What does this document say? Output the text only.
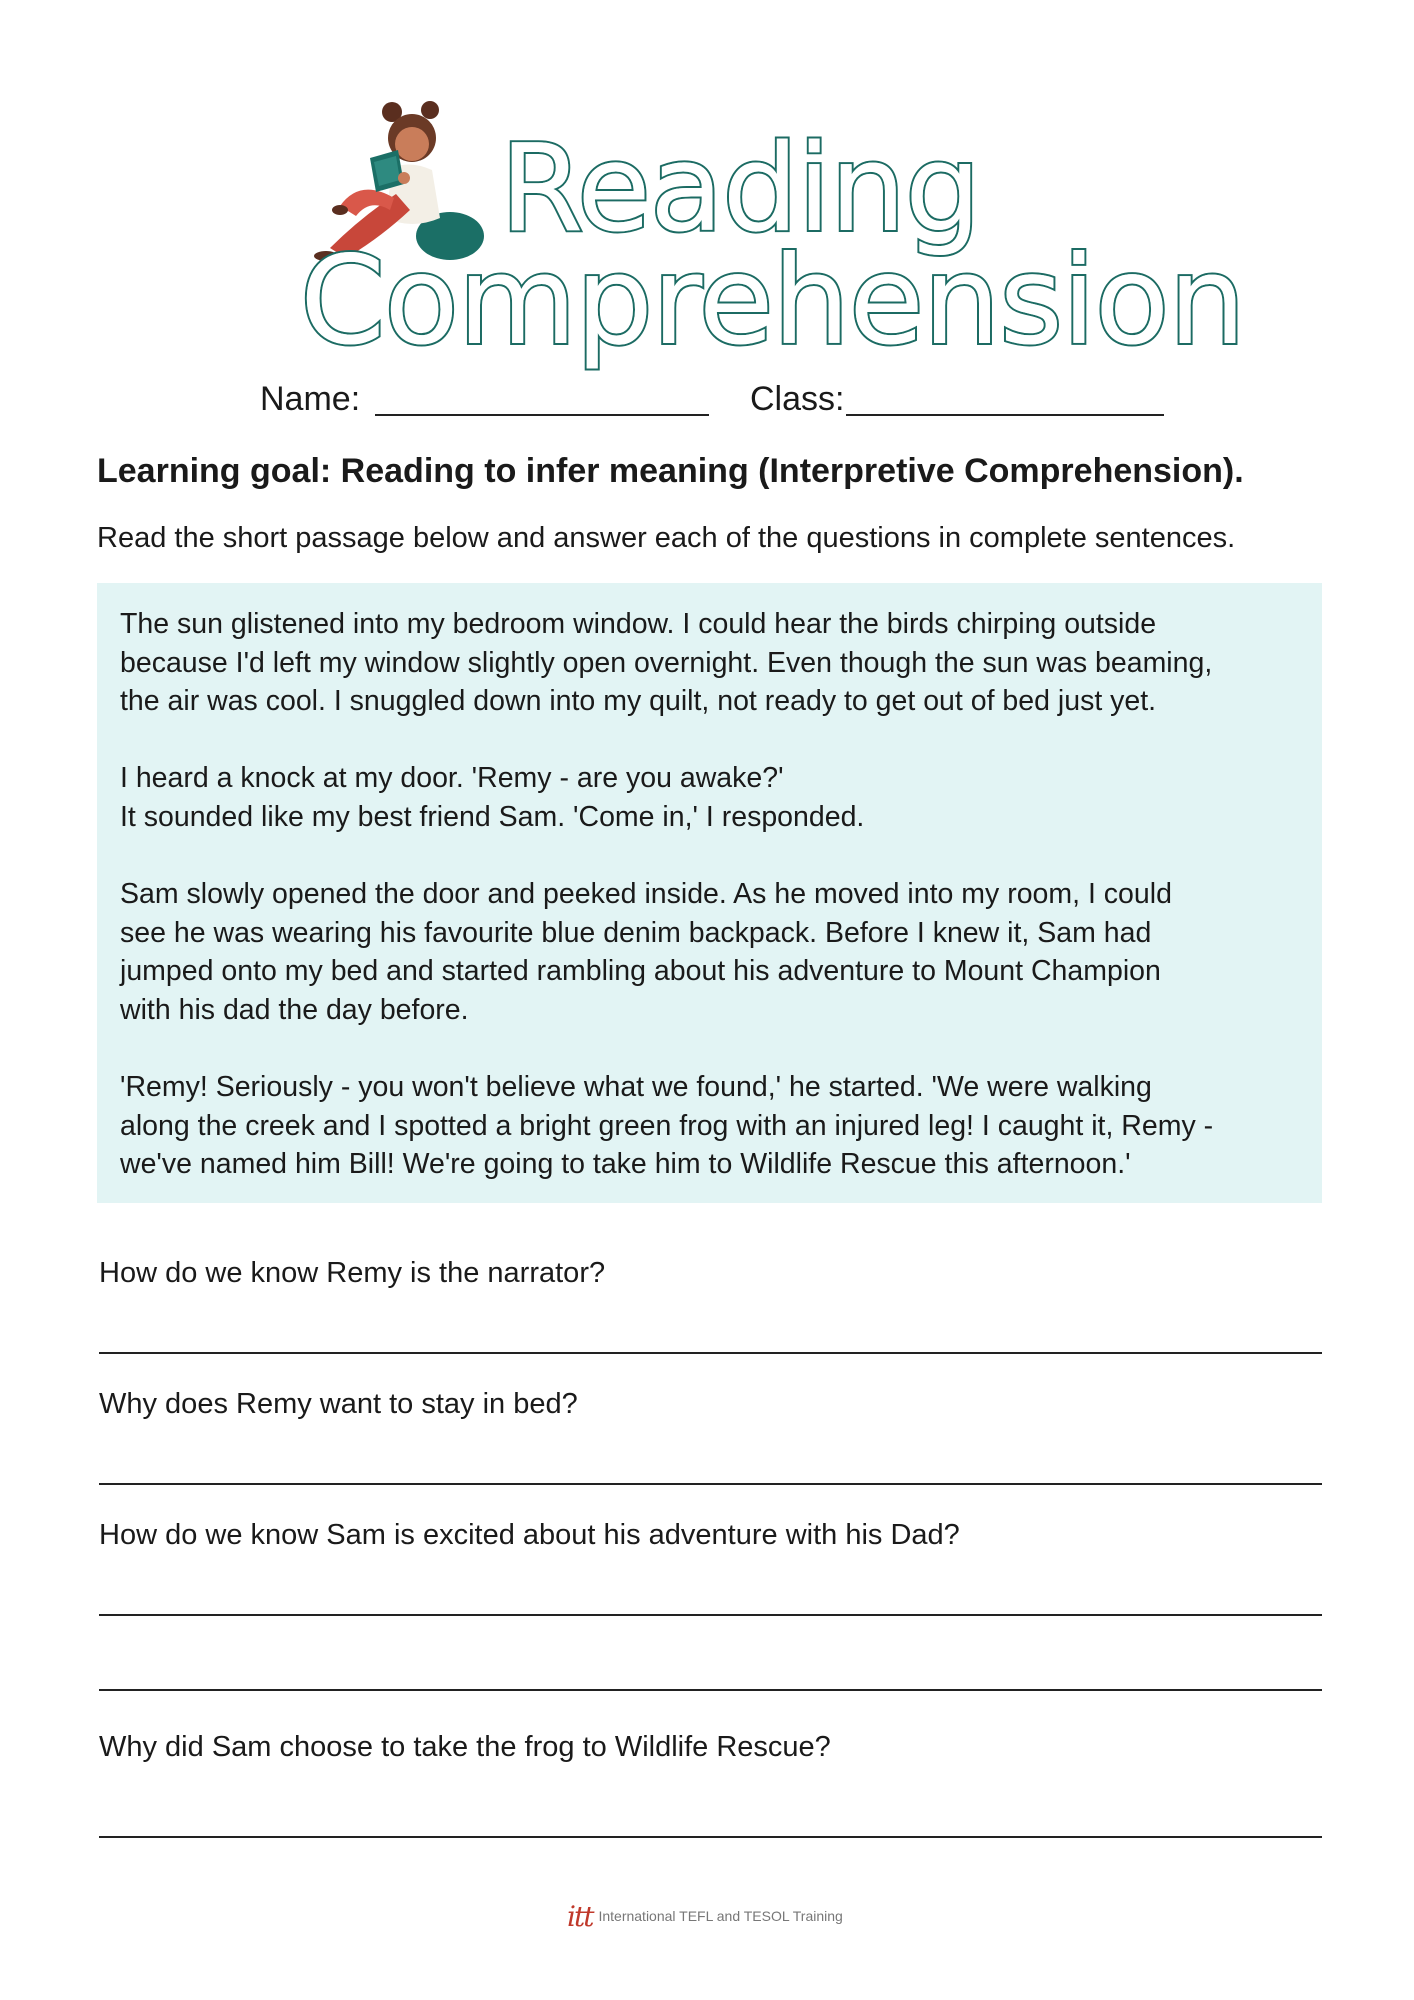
Reading
Comprehension
Name:	Class:
Learning goal: Reading to infer meaning (Interpretive Comprehension).
Read the short passage below and answer each of the questions in complete sentences.

The sun glistened into my bedroom window. I could hear the birds chirping outside
because I'd left my window slightly open overnight. Even though the sun was beaming,
the air was cool. I snuggled down into my quilt, not ready to get out of bed just yet.

I heard a knock at my door. 'Remy - are you awake?'
It sounded like my best friend Sam. 'Come in,' I responded.

Sam slowly opened the door and peeked inside. As he moved into my room, I could
see he was wearing his favourite blue denim backpack. Before I knew it, Sam had
jumped onto my bed and started rambling about his adventure to Mount Champion
with his dad the day before.

'Remy! Seriously - you won't believe what we found,' he started. 'We were walking
along the creek and I spotted a bright green frog with an injured leg! I caught it, Remy -
we've named him Bill! We're going to take him to Wildlife Rescue this afternoon.'

How do we know Remy is the narrator?
Why does Remy want to stay in bed?
How do we know Sam is excited about his adventure with his Dad?
Why did Sam choose to take the frog to Wildlife Rescue?
itt International TEFL and TESOL Training
